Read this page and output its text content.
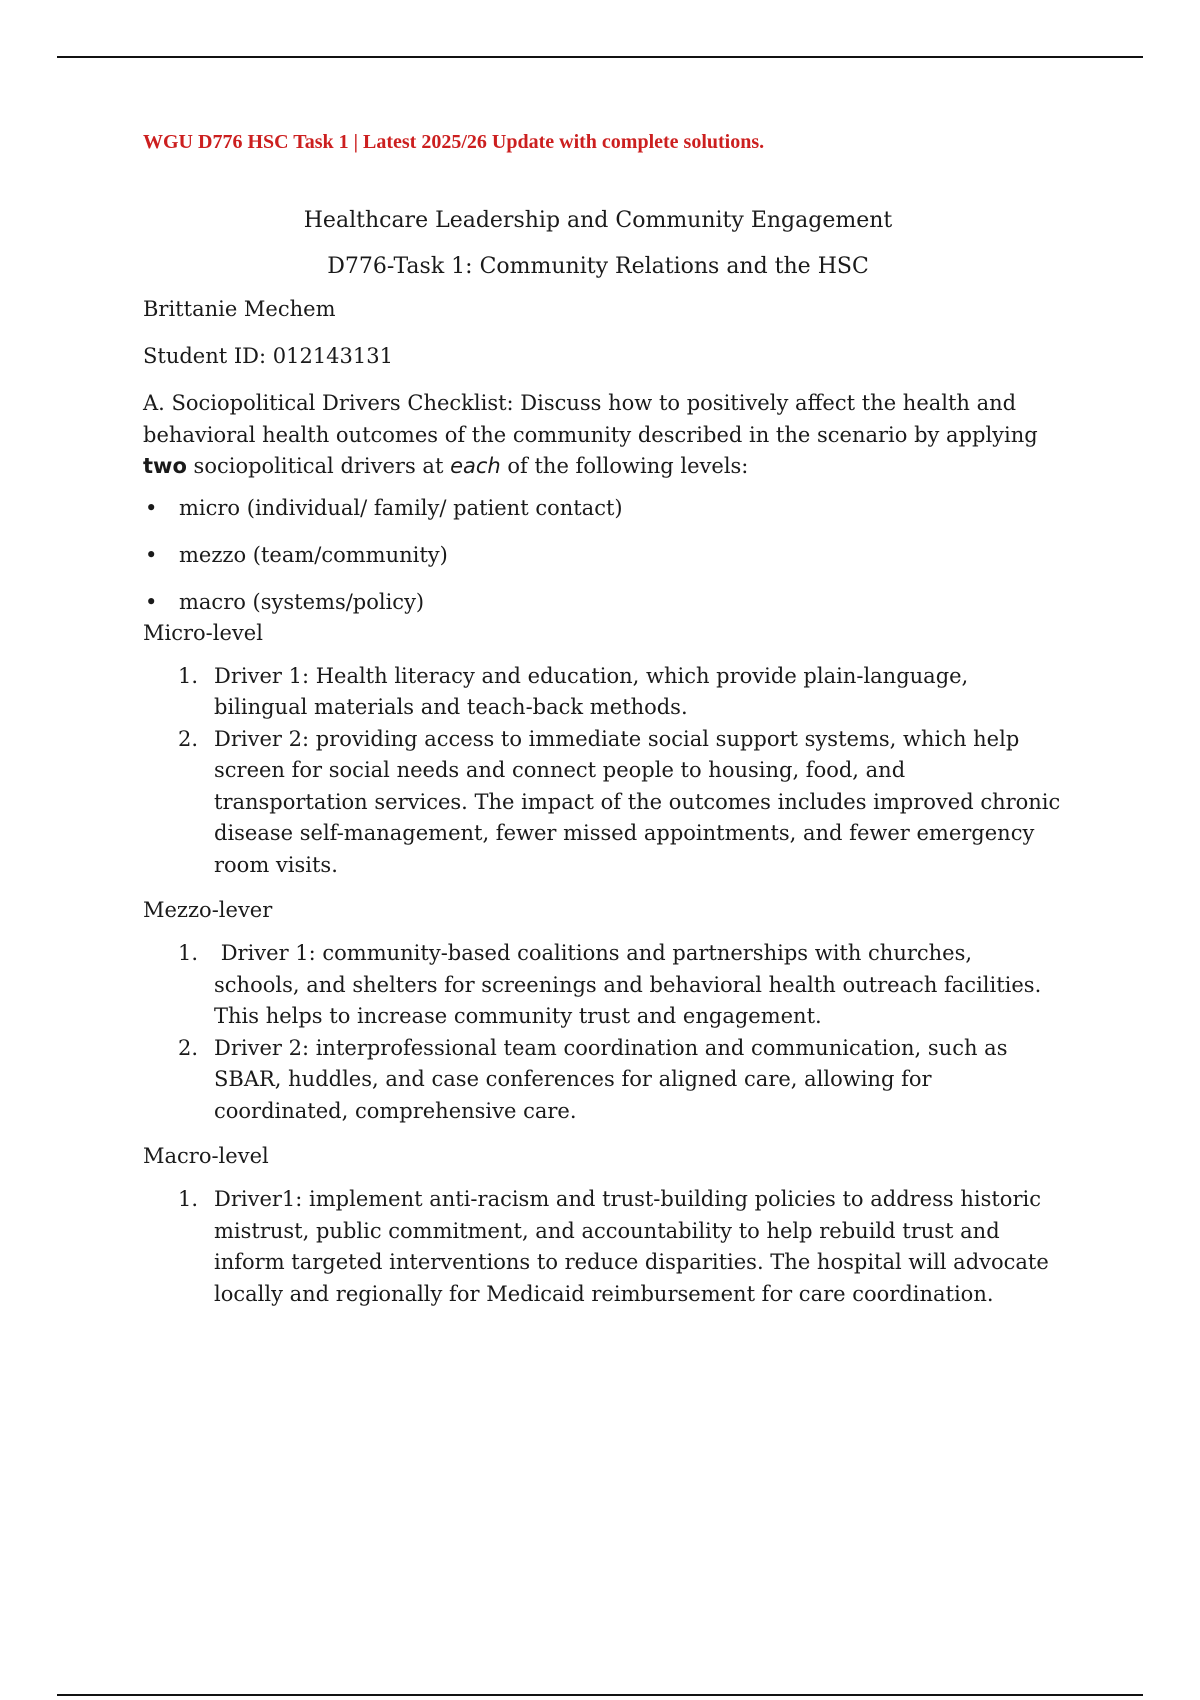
WGU D776 HSC Task 1 | Latest 2025/26 Update with complete solutions.

Healthcare Leadership and Community Engagement
D776-Task 1: Community Relations and the HSC

Brittanie Mechem

Student ID: 012143131

A. Sociopolitical Drivers Checklist: Discuss how to positively affect the health and behavioral health outcomes of the community described in the scenario by applying two sociopolitical drivers at each of the following levels:

• micro (individual/ family/ patient contact)
• mezzo (team/community)
• macro (systems/policy)

Micro-level

1. Driver 1: Health literacy and education, which provide plain-language, bilingual materials and teach-back methods.
2. Driver 2: providing access to immediate social support systems, which help screen for social needs and connect people to housing, food, and transportation services. The impact of the outcomes includes improved chronic disease self-management, fewer missed appointments, and fewer emergency room visits.

Mezzo-lever

1. Driver 1: community-based coalitions and partnerships with churches, schools, and shelters for screenings and behavioral health outreach facilities. This helps to increase community trust and engagement.
2. Driver 2: interprofessional team coordination and communication, such as SBAR, huddles, and case conferences for aligned care, allowing for coordinated, comprehensive care.

Macro-level

1. Driver1: implement anti-racism and trust-building policies to address historic mistrust, public commitment, and accountability to help rebuild trust and inform targeted interventions to reduce disparities. The hospital will advocate locally and regionally for Medicaid reimbursement for care coordination.
